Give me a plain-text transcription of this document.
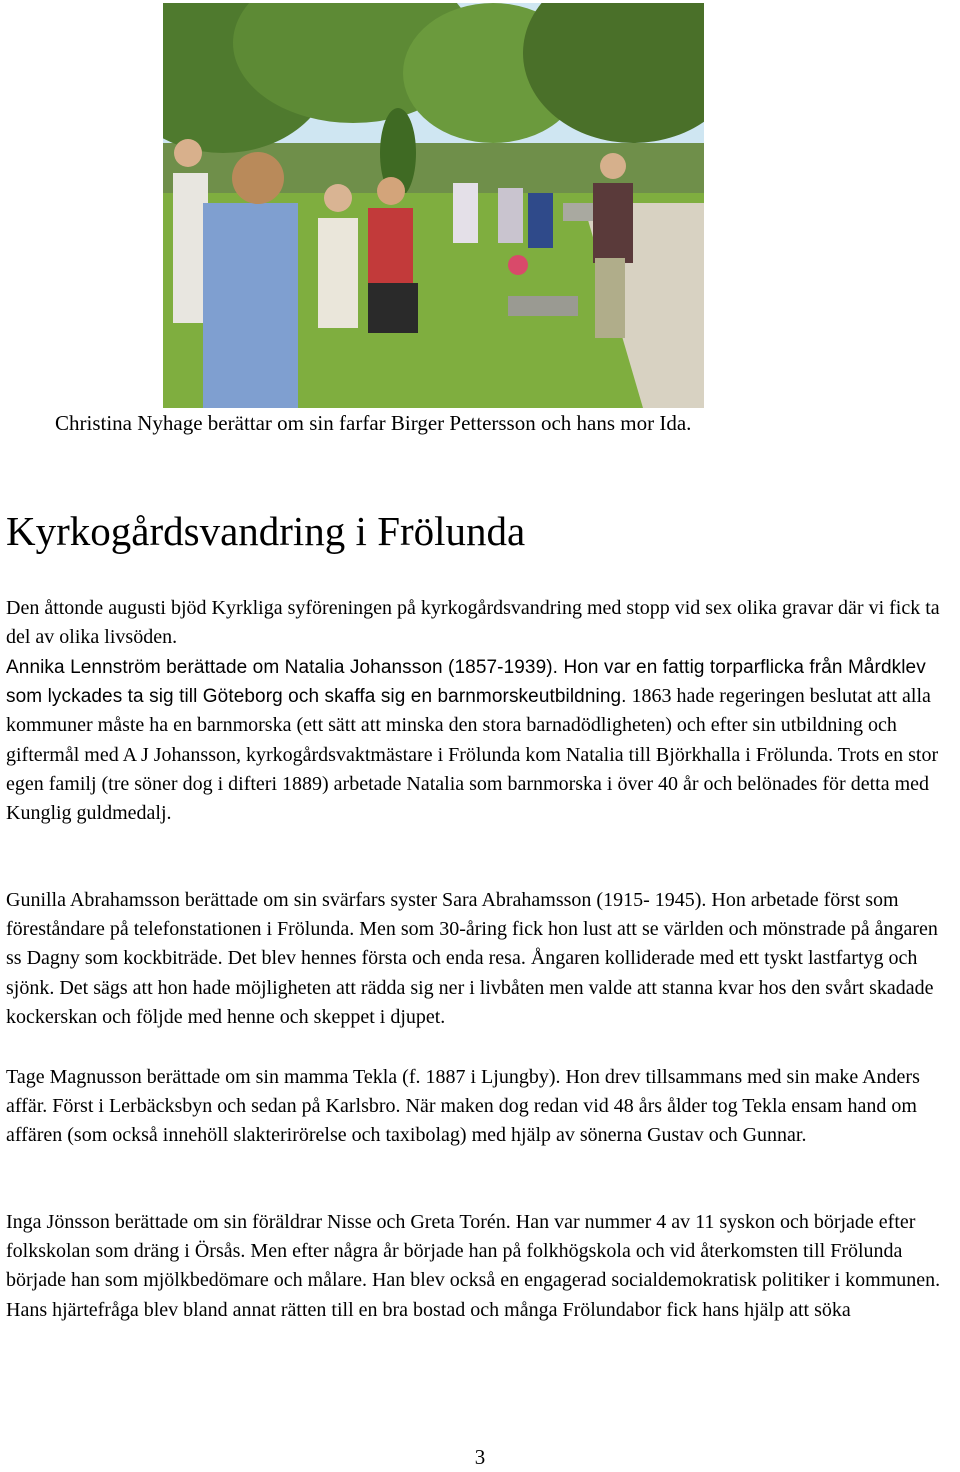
Christina Nyhage berättar om sin farfar Birger Pettersson och hans mor Ida.
Kyrkogårdsvandring i Frölunda

Den åttonde augusti bjöd Kyrkliga syföreningen på kyrkogårdsvandring med stopp vid sex olika gravar där vi fick ta del av olika livsöden.

Annika Lennström berättade om Natalia Johansson (1857-1939). Hon var en fattig torparflicka från Mårdklev som lyckades ta sig till Göteborg och skaffa sig en barnmorskeutbildning. 1863 hade regeringen beslutat att alla kommuner måste ha en barnmorska (ett sätt att minska den stora barnadödligheten) och efter sin utbildning och giftermål med A J Johansson, kyrkogårdsvaktmästare i Frölunda kom Natalia till Björkhalla i Frölunda. Trots en stor egen familj (tre söner dog i difteri 1889) arbetade Natalia som barnmorska i över 40 år och belönades för detta med Kunglig guldmedalj.

Gunilla Abrahamsson berättade om sin svärfars syster Sara Abrahamsson (1915- 1945). Hon arbetade först som föreståndare på telefonstationen i Frölunda. Men som 30-åring fick hon lust att se världen och mönstrade på ångaren ss Dagny som kockbiträde. Det blev hennes första och enda resa. Ångaren kolliderade med ett tyskt lastfartyg och sjönk. Det sägs att hon hade möjligheten att rädda sig ner i livbåten men valde att stanna kvar hos den svårt skadade kockerskan och följde med henne och skeppet i djupet.

Tage Magnusson berättade om sin mamma Tekla (f. 1887 i Ljungby). Hon drev tillsammans med sin make Anders affär. Först i Lerbäcksbyn och sedan på Karlsbro. När maken dog redan vid 48 års ålder tog Tekla ensam hand om affären (som också innehöll slakterirörelse och taxibolag) med hjälp av sönerna Gustav och Gunnar.

Inga Jönsson berättade om sin föräldrar Nisse och Greta Torén. Han var nummer 4 av 11 syskon och började efter folkskolan som dräng i Örsås. Men efter några år började han på folkhögskola och vid återkomsten till Frölunda började han som mjölkbedömare och målare. Han blev också en engagerad socialdemokratisk politiker i kommunen. Hans hjärtefråga blev bland annat rätten till en bra bostad och många Frölundabor fick hans hjälp att söka

3
